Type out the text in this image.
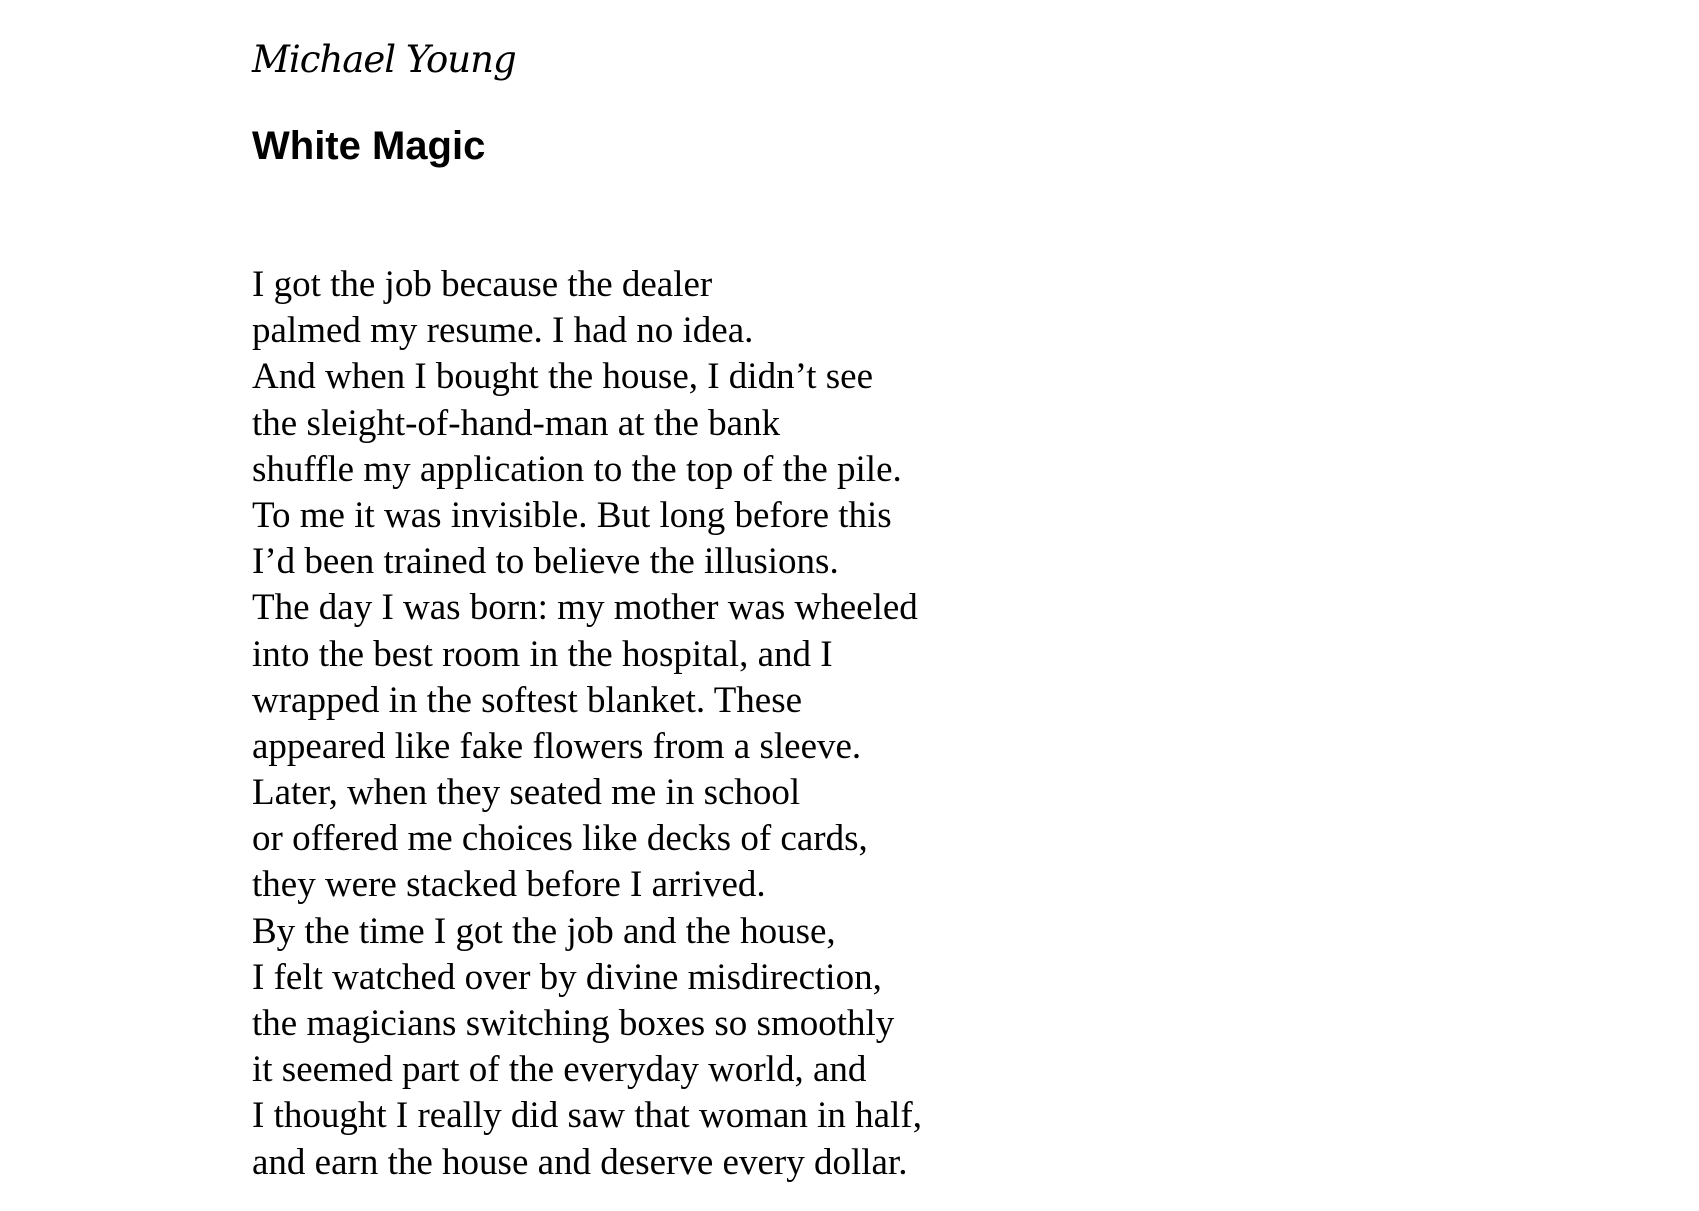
Michael Young
White Magic
I got the job because the dealer
palmed my resume. I had no idea.
And when I bought the house, I didn’t see
the sleight-of-hand-man at the bank
shuffle my application to the top of the pile.
To me it was invisible. But long before this
I’d been trained to believe the illusions.
The day I was born: my mother was wheeled
into the best room in the hospital, and I
wrapped in the softest blanket. These
appeared like fake flowers from a sleeve.
Later, when they seated me in school
or offered me choices like decks of cards,
they were stacked before I arrived.
By the time I got the job and the house,
I felt watched over by divine misdirection,
the magicians switching boxes so smoothly
it seemed part of the everyday world, and
I thought I really did saw that woman in half,
and earn the house and deserve every dollar.
